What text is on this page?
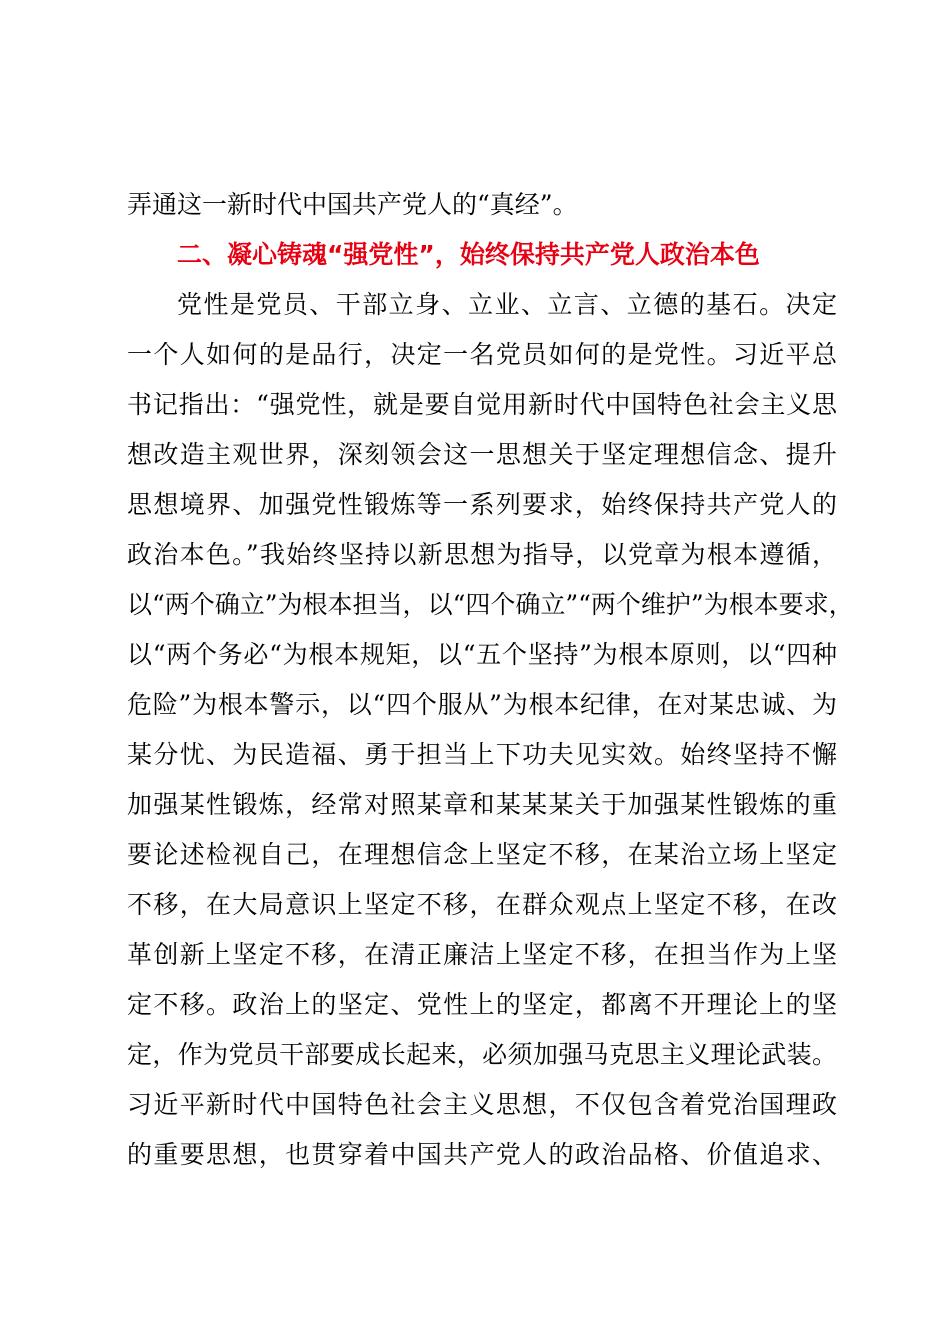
弄通这一新时代中国共产党人的“真经”。
二、凝心铸魂“强党性”，始终保持共产党人政治本色
党性是党员、干部立身、立业、立言、立德的基石。决定
一个人如何的是品行，决定一名党员如何的是党性。习近平总
书记指出：“强党性，就是要自觉用新时代中国特色社会主义思
想改造主观世界，深刻领会这一思想关于坚定理想信念、提升
思想境界、加强党性锻炼等一系列要求，始终保持共产党人的
政治本色。”我始终坚持以新思想为指导，以党章为根本遵循，
以“两个确立”为根本担当，以“四个确立”“两个维护”为根本要求，
以“两个务必“为根本规矩，以“五个坚持”为根本原则，以“四种
危险”为根本警示，以“四个服从”为根本纪律，在对某忠诚、为
某分忧、为民造福、勇于担当上下功夫见实效。始终坚持不懈
加强某性锻炼，经常对照某章和某某某关于加强某性锻炼的重
要论述检视自己，在理想信念上坚定不移，在某治立场上坚定
不移，在大局意识上坚定不移，在群众观点上坚定不移，在改
革创新上坚定不移，在清正廉洁上坚定不移，在担当作为上坚
定不移。政治上的坚定、党性上的坚定，都离不开理论上的坚
定，作为党员干部要成长起来，必须加强马克思主义理论武装。
习近平新时代中国特色社会主义思想，不仅包含着党治国理政
的重要思想，也贯穿着中国共产党人的政治品格、价值追求、
